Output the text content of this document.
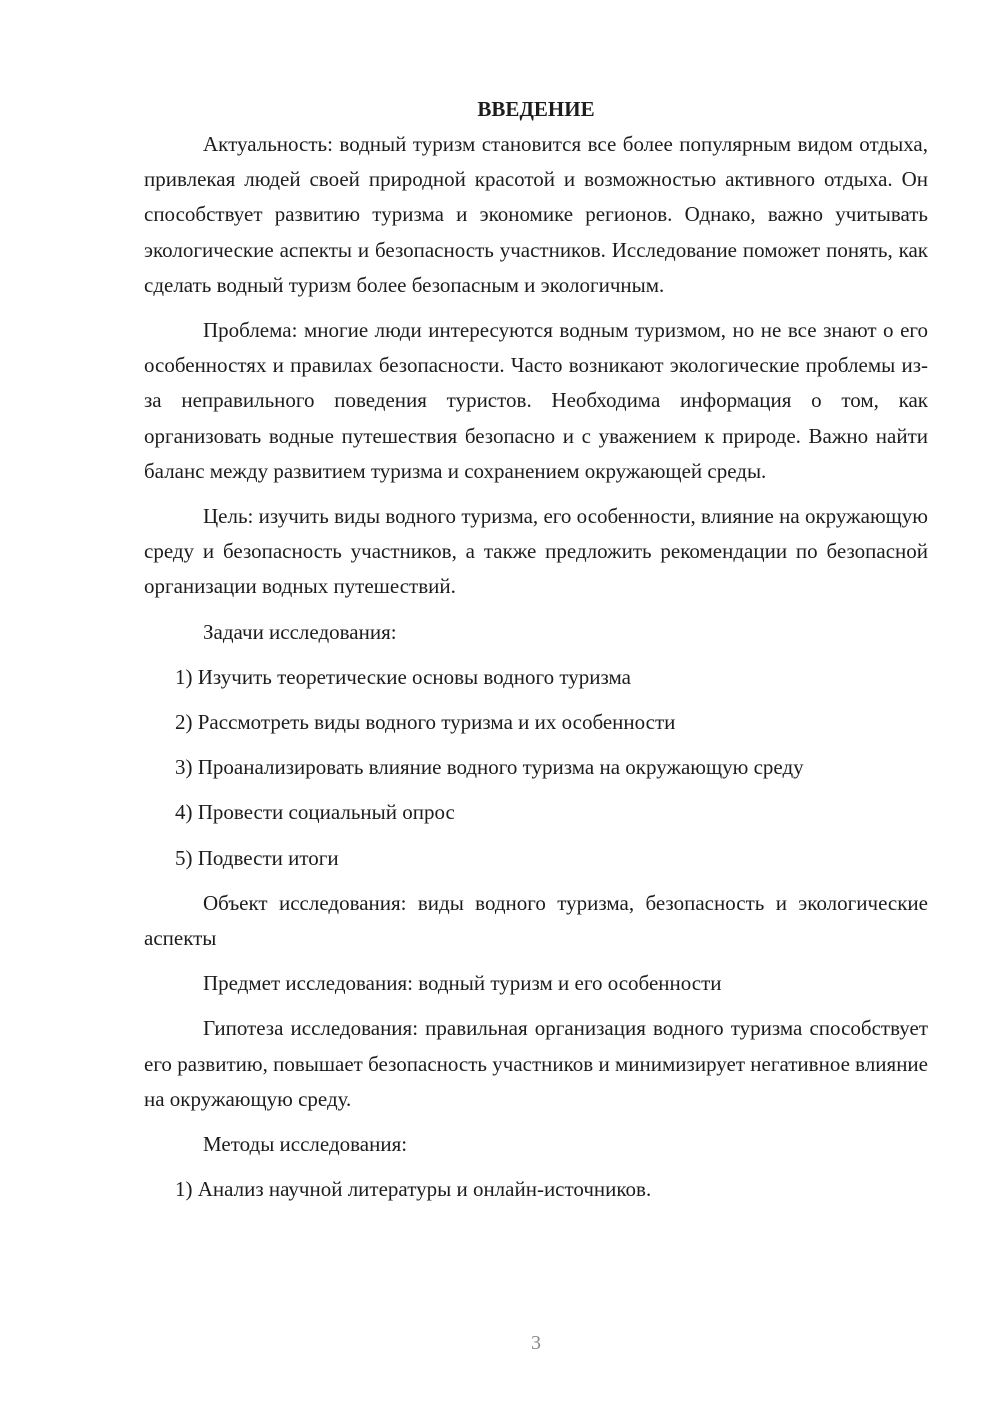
ВВЕДЕНИЕ

Актуальность: водный туризм становится все более популярным видом отдыха, привлекая людей своей природной красотой и возможностью активного отдыха. Он способствует развитию туризма и экономике регионов. Однако, важно учитывать экологические аспекты и безопасность участников. Исследование поможет понять, как сделать водный туризм более безопасным и экологичным.

Проблема: многие люди интересуются водным туризмом, но не все знают о его особенностях и правилах безопасности. Часто возникают экологические проблемы из-за неправильного поведения туристов. Необходима информация о том, как организовать водные путешествия безопасно и с уважением к природе. Важно найти баланс между развитием туризма и сохранением окружающей среды.

Цель: изучить виды водного туризма, его особенности, влияние на окружающую среду и безопасность участников, а также предложить рекомендации по безопасной организации водных путешествий.

Задачи исследования:

1) Изучить теоретические основы водного туризма

2) Рассмотреть виды водного туризма и их особенности

3) Проанализировать влияние водного туризма на окружающую среду

4) Провести социальный опрос

5) Подвести итоги

Объект исследования: виды водного туризма, безопасность и экологические аспекты

Предмет исследования: водный туризм и его особенности

Гипотеза исследования: правильная организация водного туризма способствует его развитию, повышает безопасность участников и минимизирует негативное влияние на окружающую среду.

Методы исследования:

1) Анализ научной литературы и онлайн-источников.

3
